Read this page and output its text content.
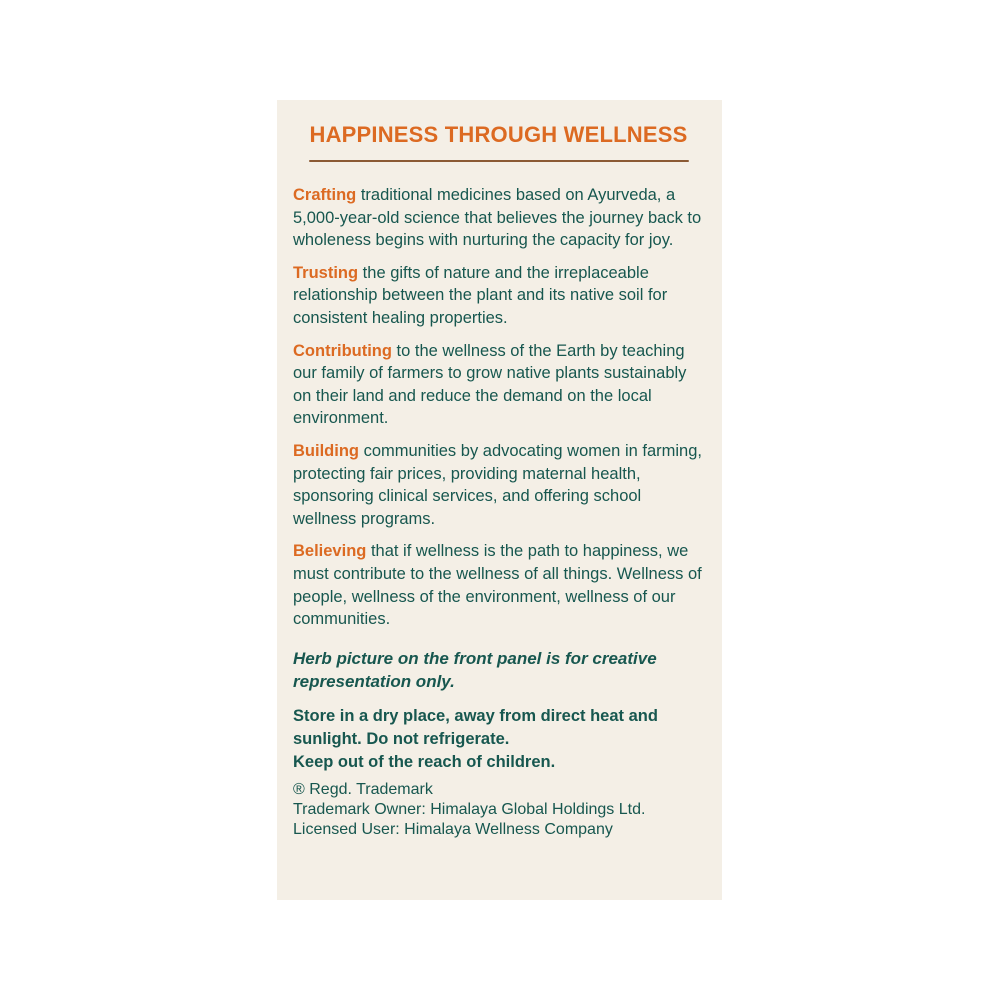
HAPPINESS THROUGH WELLNESS

Crafting traditional medicines based on Ayurveda, a 5,000-year-old science that believes the journey back to wholeness begins with nurturing the capacity for joy.

Trusting the gifts of nature and the irreplaceable relationship between the plant and its native soil for consistent healing properties.

Contributing to the wellness of the Earth by teaching our family of farmers to grow native plants sustainably on their land and reduce the demand on the local environment.

Building communities by advocating women in farming, protecting fair prices, providing maternal health, sponsoring clinical services, and offering school wellness programs.

Believing that if wellness is the path to happiness, we must contribute to the wellness of all things. Wellness of people, wellness of the environment, wellness of our communities.

Herb picture on the front panel is for creative representation only.

Store in a dry place, away from direct heat and sunlight. Do not refrigerate.
Keep out of the reach of children.

® Regd. Trademark
Trademark Owner: Himalaya Global Holdings Ltd.
Licensed User: Himalaya Wellness Company
